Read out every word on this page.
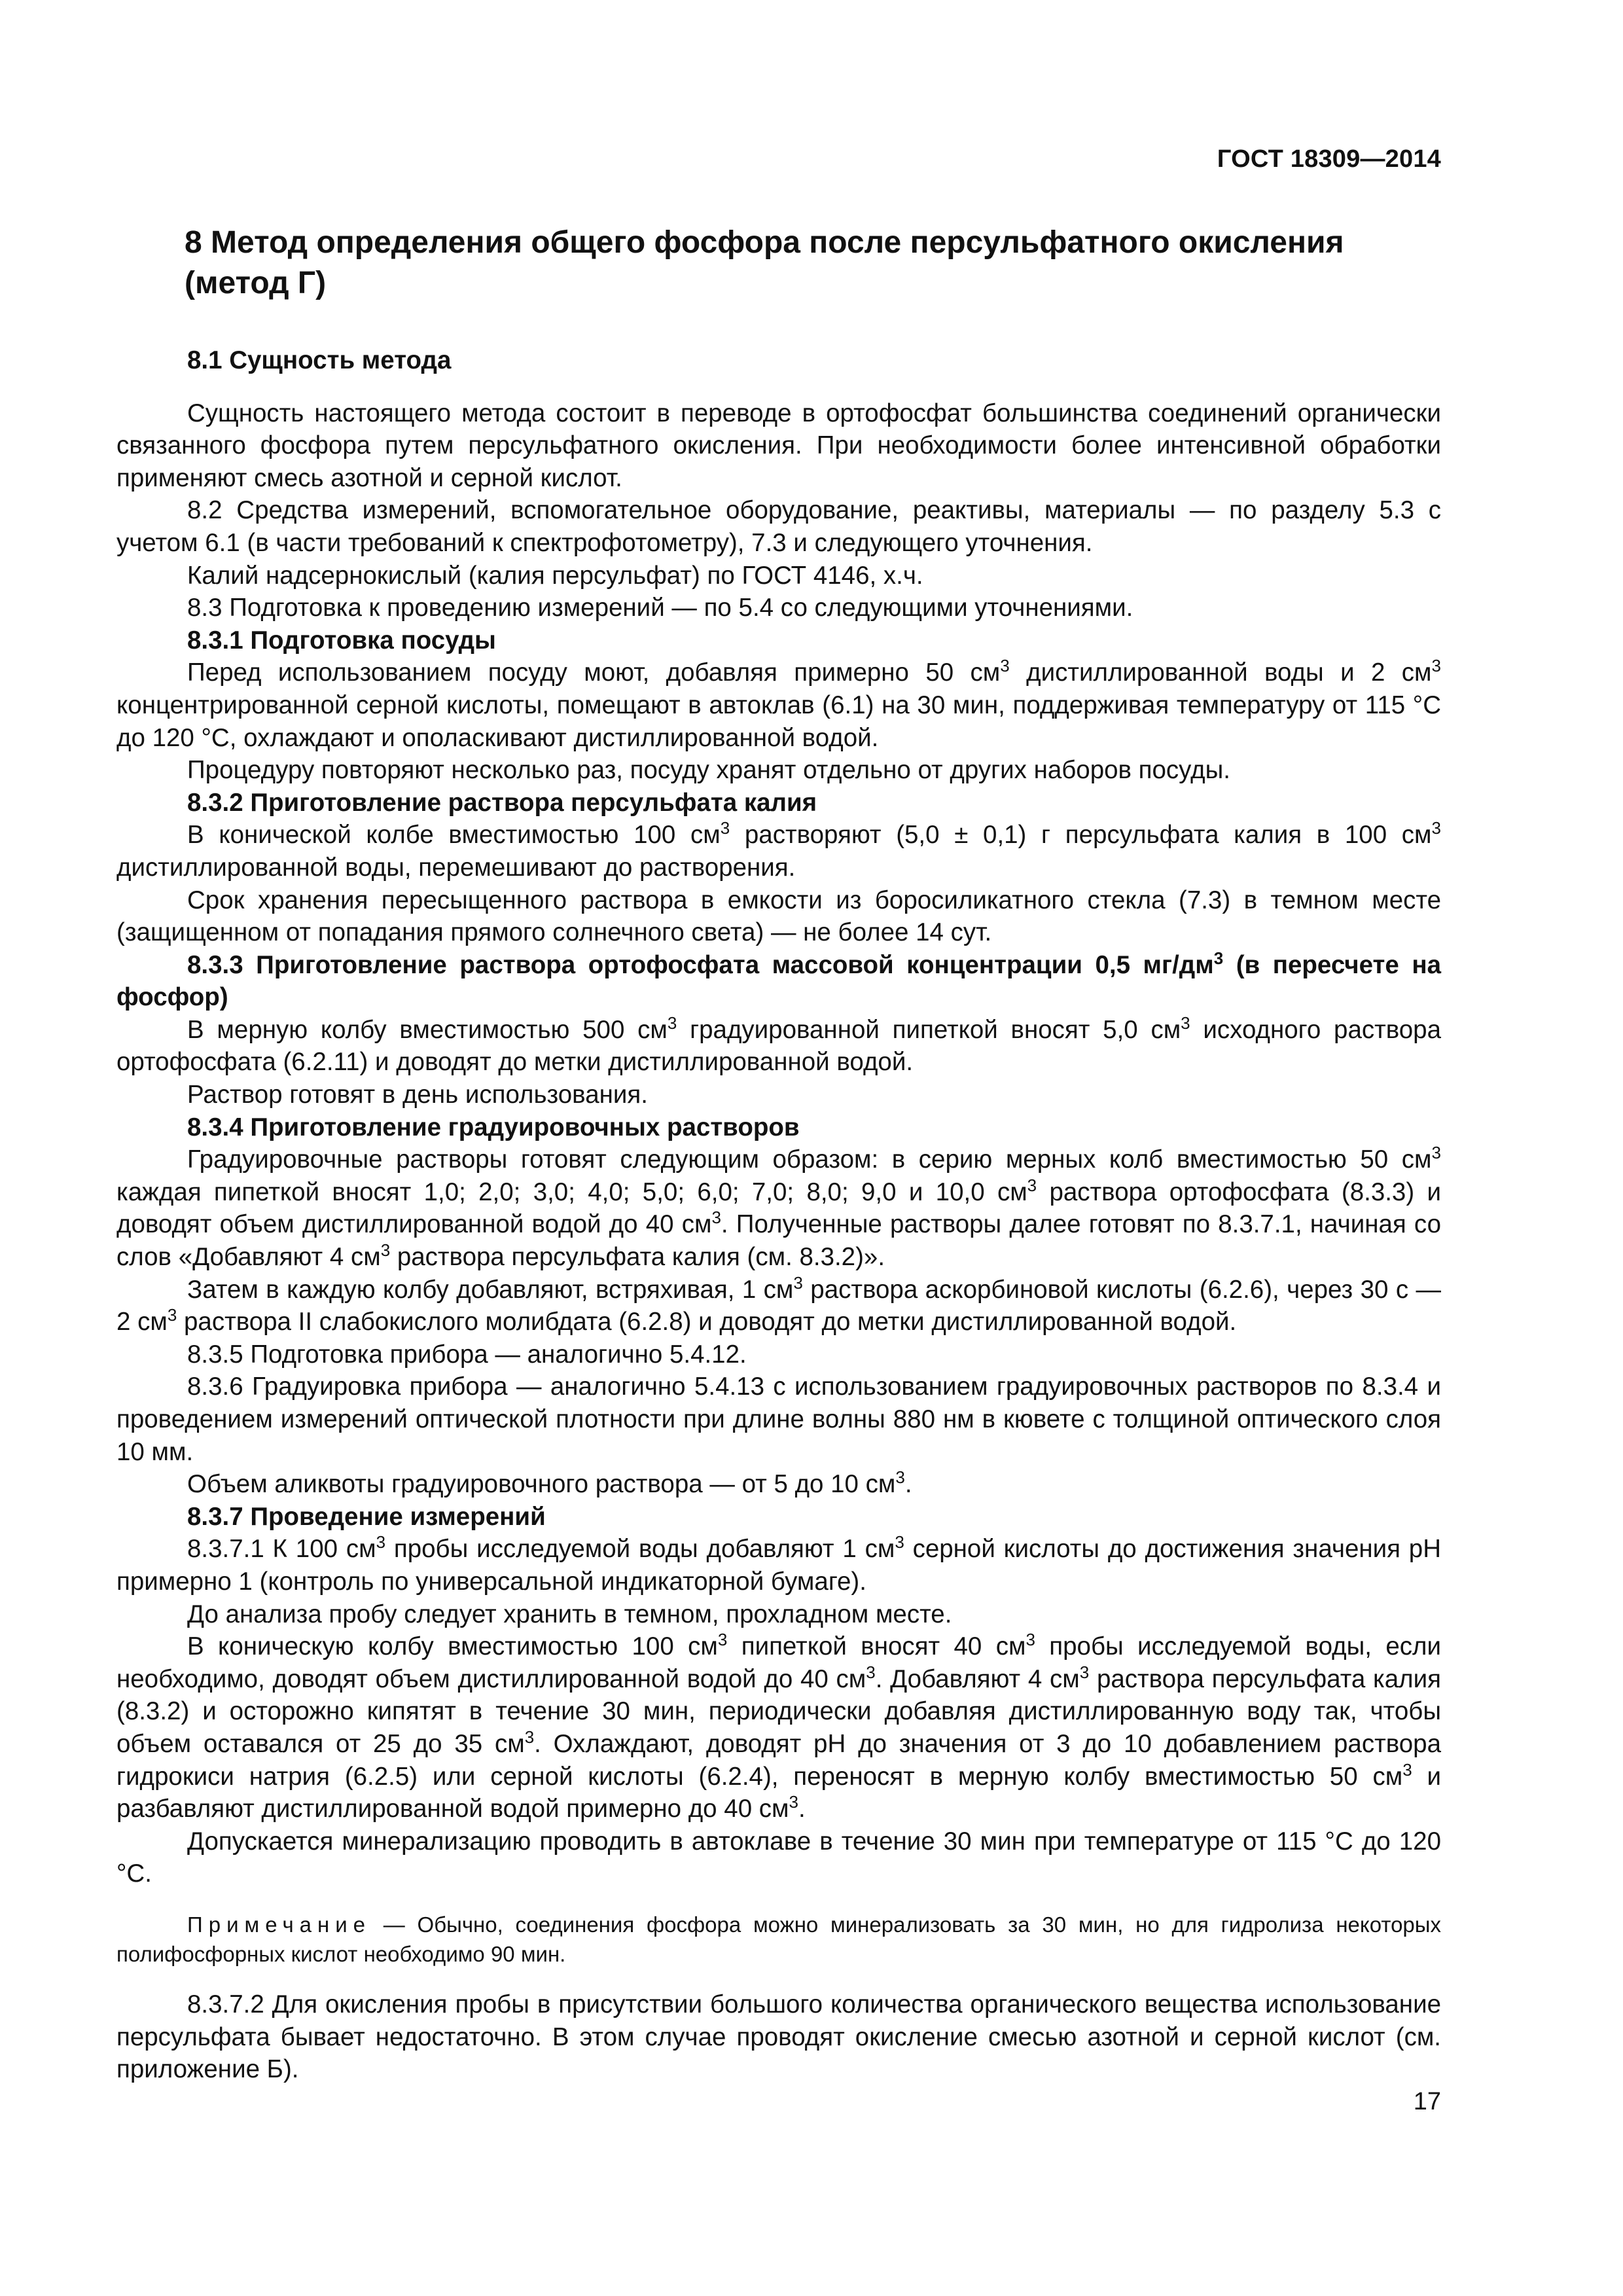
ГОСТ 18309—2014
8 Метод определения общего фосфора после персульфатного окисления (метод Г)
8.1 Сущность метода

Сущность настоящего метода состоит в переводе в ортофосфат большинства соединений органически связанного фосфора путем персульфатного окисления. При необходимости более интенсивной обработки применяют смесь азотной и серной кислот.

8.2 Средства измерений, вспомогательное оборудование, реактивы, материалы — по разделу 5.3 с учетом 6.1 (в части требований к спектрофотометру), 7.3 и следующего уточнения.

Калий надсернокислый (калия персульфат) по ГОСТ 4146, х.ч.

8.3 Подготовка к проведению измерений — по 5.4 со следующими уточнениями.

8.3.1 Подготовка посуды

Перед использованием посуду моют, добавляя примерно 50 $см^3$ дистиллированной воды и 2 $см^3$ концентрированной серной кислоты, помещают в автоклав (6.1) на 30 мин, поддерживая температуру от 115 °С до 120 °С, охлаждают и ополаскивают дистиллированной водой.

Процедуру повторяют несколько раз, посуду хранят отдельно от других наборов посуды.

8.3.2 Приготовление раствора персульфата калия

В конической колбе вместимостью 100 $см^3$ растворяют (5,0 ± 0,1) г персульфата калия в 100 $см^3$ дистиллированной воды, перемешивают до растворения.

Срок хранения пересыщенного раствора в емкости из боросиликатного стекла (7.3) в темном месте (защищенном от попадания прямого солнечного света) — не более 14 сут.

8.3.3 Приготовление раствора ортофосфата массовой концентрации 0,5 $мг/дм^3$ (в пересчете на фосфор)

В мерную колбу вместимостью 500 $см^3$ градуированной пипеткой вносят 5,0 $см^3$ исходного раствора ортофосфата (6.2.11) и доводят до метки дистиллированной водой.

Раствор готовят в день использования.

8.3.4 Приготовление градуировочных растворов

Градуировочные растворы готовят следующим образом: в серию мерных колб вместимостью 50 $см^3$ каждая пипеткой вносят 1,0; 2,0; 3,0; 4,0; 5,0; 6,0; 7,0; 8,0; 9,0 и 10,0 $см^3$ раствора ортофосфата (8.3.3) и доводят объем дистиллированной водой до 40 $см^3$. Полученные растворы далее готовят по 8.3.7.1, начиная со слов «Добавляют 4 $см^3$ раствора персульфата калия (см. 8.3.2)».

Затем в каждую колбу добавляют, встряхивая, 1 $см^3$ раствора аскорбиновой кислоты (6.2.6), через 30 с — 2 $см^3$ раствора II слабокислого молибдата (6.2.8) и доводят до метки дистиллированной водой.

8.3.5 Подготовка прибора — аналогично 5.4.12.

8.3.6 Градуировка прибора — аналогично 5.4.13 с использованием градуировочных растворов по 8.3.4 и проведением измерений оптической плотности при длине волны 880 нм в кювете с толщиной оптического слоя 10 мм.

Объем аликвоты градуировочного раствора — от 5 до 10 $см^3$.

8.3.7 Проведение измерений

8.3.7.1 К 100 $см^3$ пробы исследуемой воды добавляют 1 $см^3$ серной кислоты до достижения значения pH примерно 1 (контроль по универсальной индикаторной бумаге).

До анализа пробу следует хранить в темном, прохладном месте.

В коническую колбу вместимостью 100 $см^3$ пипеткой вносят 40 $см^3$ пробы исследуемой воды, если необходимо, доводят объем дистиллированной водой до 40 $см^3$. Добавляют 4 $см^3$ раствора персульфата калия (8.3.2) и осторожно кипятят в течение 30 мин, периодически добавляя дистиллированную воду так, чтобы объем оставался от 25 до 35 $см^3$. Охлаждают, доводят pH до значения от 3 до 10 добавлением раствора гидрокиси натрия (6.2.5) или серной кислоты (6.2.4), переносят в мерную колбу вместимостью 50 $см^3$ и разбавляют дистиллированной водой примерно до 40 $см^3$.

Допускается минерализацию проводить в автоклаве в течение 30 мин при температуре от 115 °С до 120 °С.

Примечание — Обычно, соединения фосфора можно минерализовать за 30 мин, но для гидролиза некоторых полифосфорных кислот необходимо 90 мин.

8.3.7.2 Для окисления пробы в присутствии большого количества органического вещества использование персульфата бывает недостаточно. В этом случае проводят окисление смесью азотной и серной кислот (см. приложение Б).

17
